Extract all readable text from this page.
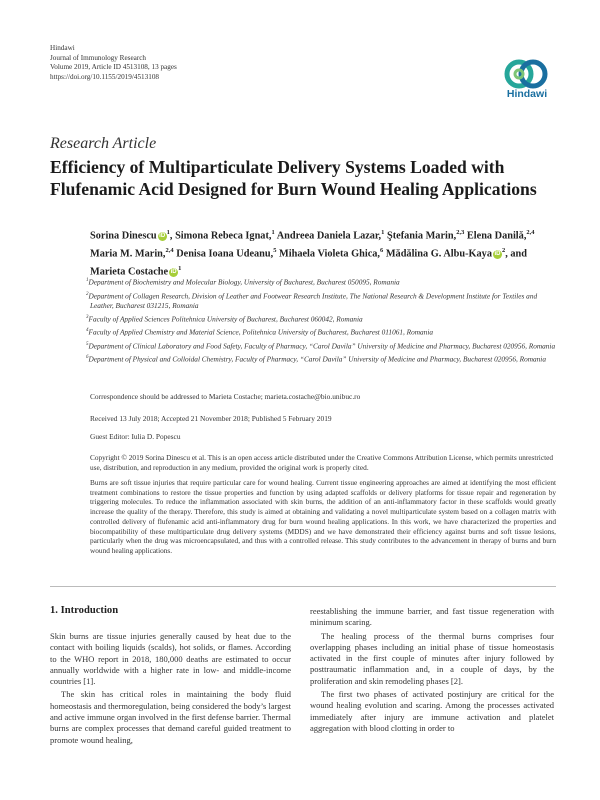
Hindawi
Journal of Immunology Research
Volume 2019, Article ID 4513108, 13 pages
https://doi.org/10.1155/2019/4513108
Hindawi
Research Article
Efficiency of Multiparticulate Delivery Systems Loaded with Flufenamic Acid Designed for Burn Wound Healing Applications
Sorina Dinescu $iD^1$, Simona Rebeca Ignat,$^1$ Andreea Daniela Lazar,$^1$ Ştefania Marin,$^{2,3}$ Elena Danilă,$^{2,4}$ Maria M. Marin,$^{2,4}$ Denisa Ioana Udeanu,$^5$ Mihaela Violeta Ghica,$^6$ Mădălina G. Albu-Kaya $iD^2$, and Marieta Costache $iD^1$

$^1$Department of Biochemistry and Molecular Biology, University of Bucharest, Bucharest 050095, Romania

$^2$Department of Collagen Research, Division of Leather and Footwear Research Institute, The National Research & Development Institute for Textiles and Leather, Bucharest 031215, Romania

$^3$Faculty of Applied Sciences Politehnica University of Bucharest, Bucharest 060042, Romania

$^4$Faculty of Applied Chemistry and Material Science, Politehnica University of Bucharest, Bucharest 011061, Romania

$^5$Department of Clinical Laboratory and Food Safety, Faculty of Pharmacy, “Carol Davila” University of Medicine and Pharmacy, Bucharest 020956, Romania

$^6$Department of Physical and Colloidal Chemistry, Faculty of Pharmacy, “Carol Davila” University of Medicine and Pharmacy, Bucharest 020956, Romania

Correspondence should be addressed to Marieta Costache; marieta.costache@bio.unibuc.ro
Received 13 July 2018; Accepted 21 November 2018; Published 5 February 2019
Guest Editor: Iulia D. Popescu
Copyright © 2019 Sorina Dinescu et al. This is an open access article distributed under the Creative Commons Attribution License, which permits unrestricted use, distribution, and reproduction in any medium, provided the original work is properly cited.
Burns are soft tissue injuries that require particular care for wound healing. Current tissue engineering approaches are aimed at identifying the most efficient treatment combinations to restore the tissue properties and function by using adapted scaffolds or delivery platforms for tissue repair and regeneration by triggering molecules. To reduce the inflammation associated with skin burns, the addition of an anti-inflammatory factor in these scaffolds would greatly increase the quality of the therapy. Therefore, this study is aimed at obtaining and validating a novel multiparticulate system based on a collagen matrix with controlled delivery of flufenamic acid anti-inflammatory drug for burn wound healing applications. In this work, we have characterized the properties and biocompatibility of these multiparticulate drug delivery systems (MDDS) and we have demonstrated their efficiency against burns and soft tissue lesions, particularly when the drug was microencapsulated, and thus with a controlled release. This study contributes to the advancement in therapy of burns and burn wound healing applications.
1. Introduction

Skin burns are tissue injuries generally caused by heat due to the contact with boiling liquids (scalds), hot solids, or flames. According to the WHO report in 2018, 180,000 deaths are estimated to occur annually worldwide with a higher rate in low- and middle-income countries [1].

The skin has critical roles in maintaining the body fluid homeostasis and thermoregulation, being considered the body’s largest and active immune organ involved in the first defense barrier. Thermal burns are complex processes that demand careful guided treatment to promote wound healing,

reestablishing the immune barrier, and fast tissue regeneration with minimum scaring.

The healing process of the thermal burns comprises four overlapping phases including an initial phase of tissue homeostasis activated in the first couple of minutes after injury followed by posttraumatic inflammation and, in a couple of days, by the proliferation and skin remodeling phases [2].

The first two phases of activated postinjury are critical for the wound healing evolution and scaring. Among the processes activated immediately after injury are immune activation and platelet aggregation with blood clotting in order to
